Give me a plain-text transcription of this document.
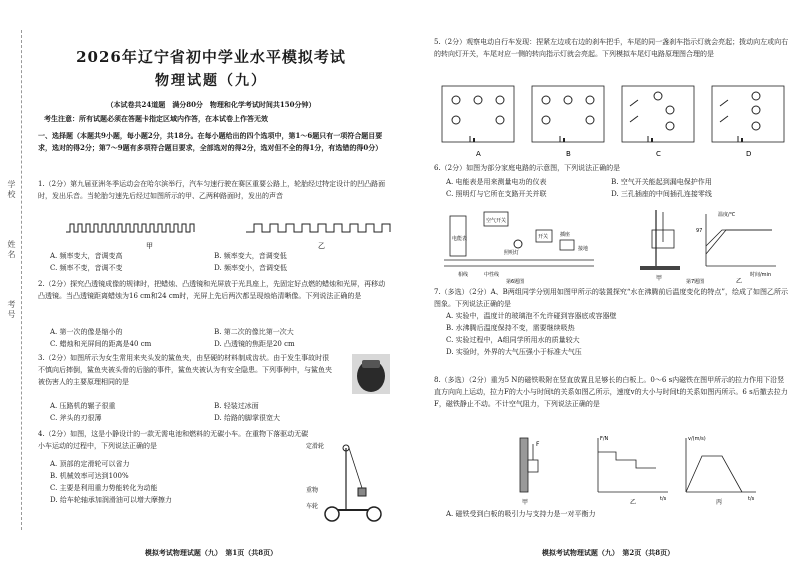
学校　　　　姓名　　　　考号
2026年辽宁省初中学业水平模拟考试
物理试题（九）
（本试卷共24道题　满分80分　物理和化学考试时间共150分钟）
考生注意：所有试题必须在答题卡指定区域内作答，在本试卷上作答无效
一、选择题（本题共9小题，每小题2分，共18分。在每小题给出的四个选项中，第1～6题只有一项符合题目要求，选对的得2分；第7～9题有多项符合题目要求，全部选对的得2分，选对但不全的得1分，有选错的得0分）
1.（2分）第九届亚洲冬季运动会在哈尔滨举行，汽车匀速行驶在赛区重要公路上，轮胎经过特定设计的凹凸路面时，发出乐音。当轮胎匀速先后经过如图所示的甲、乙两种路面时，发出的声音
甲	乙
A. 频率变大，音调变高	B. 频率变大，音调变低 C. 频率不变，音调不变	D. 频率变小，音调变低
2.（2分）探究凸透镜成像的规律时，把蜡烛、凸透镜和光屏放于光具座上，先固定好点燃的蜡烛和光屏，再移动凸透镜。当凸透镜距离蜡烛为16 cm和24 cm时，光屏上先后两次都呈现烛焰清晰像。下列说法正确的是
A. 第一次的像是缩小的	B. 第二次的像比第一次大 C. 蜡烛和光屏间的距离是40 cm	D. 凸透镜的焦距是20 cm
3.（2分）如图所示为女生常用来夹头发的鲨鱼夹，由坚硬的材料制成齿状。由于发生事故时很不慎向后摔倒，鲨鱼夹被头骨的后脑的事件，鲨鱼夹被认为有安全隐患。下列事例中，与鲨鱼夹被伤害人的主要原理相同的是
A. 压路机的辗子很重	B. 轻装过冰面 C. 斧头的刃很薄	D. 给路的脚掌很宽大
4.（2分）如图，这是小静设计的一款无需电池和燃料的无碳小车。在重物下落驱动无碳小车运动的过程中，下列说法正确的是
A. 顶部的定滑轮可以省力
B. 机械效率可达到100%
C. 主要是利用重力势能转化为动能
D. 给车轮轴承加润滑油可以增大摩擦力
定滑轮
重物
车轮
模拟考试物理试题（九）　第1页（共8页）
5.（2分）观察电动自行车发现：捏紧左边或右边的刹车把手，车尾的同一盏刹车指示灯就会亮起；拨动向左或向右的转向灯开关，车尾对应一侧的转向指示灯就会亮起。下列模拟车尾灯电路原理图合理的是
A	B	C	D
6.（2分）如图为部分家庭电路的示意图，下列说法正确的是
A. 电能表是用来测量电功的仪表	B. 空气开关能起到漏电保护作用 C. 照明灯与它所在支路开关并联	D. 三孔插座的中间插孔连接零线
空气开关
电能表
照明灯
开关 插座
接地
相线	中性线
第6题图
温度/℃
时间/min
97
甲	乙
第7题图
7.（多选）（2分）A、B两组同学分别用如图甲所示的装置探究“水在沸腾前后温度变化的特点”，绘成了如图乙所示图象。下列说法正确的是
A. 实验中，温度计的玻璃泡不允许碰到容器底或容器壁
B. 水沸腾后温度保持不变，需要继续吸热
C. 实验过程中，A组同学所用水的质量较大
D. 实验时，外界的大气压强小于标准大气压
8.（多选）（2分）重为5 N的磁铁吸附在竖直放置且足够长的白板上。0～6 s内磁铁在图甲所示的拉力作用下沿竖直方向向上运动，拉力F的大小与时间t的关系如图乙所示，速度v的大小与时间t的关系如图丙所示。6 s后撤去拉力F，磁铁静止不动。不计空气阻力，下列说法正确的是
F
F/N
t/s
v/(m/s)
t/s
甲	乙	丙
A. 磁铁受到白板的吸引力与支持力是一对平衡力
模拟考试物理试题（九）　第2页（共8页）
